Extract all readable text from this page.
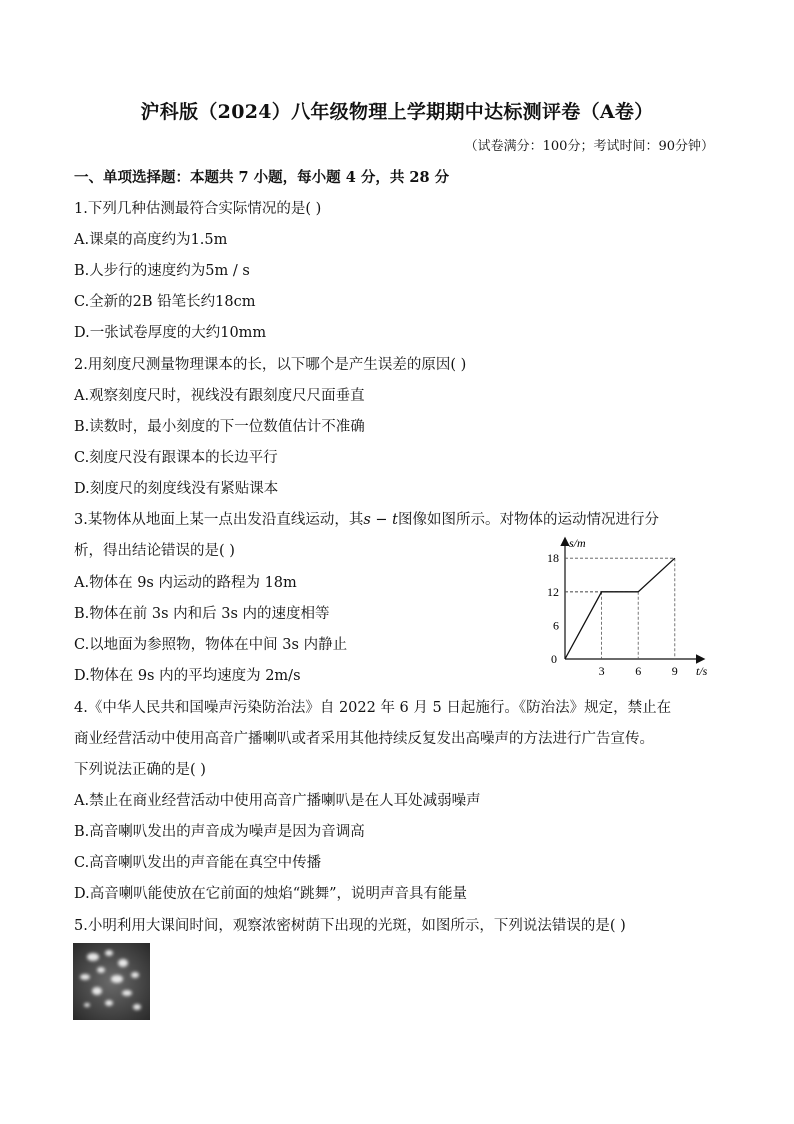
沪科版（2024）八年级物理上学期期中达标测评卷（A卷）
（试卷满分：100分；考试时间：90分钟）
一、单项选择题：本题共 7 小题，每小题 4 分，共 28 分
1.下列几种估测最符合实际情况的是( )
A.课桌的高度约为1.5m
B.人步行的速度约为5m / s
C.全新的2B 铅笔长约18cm
D.一张试卷厚度的大约10mm
2.用刻度尺测量物理课本的长，以下哪个是产生误差的原因( )
A.观察刻度尺时，视线没有跟刻度尺尺面垂直
B.读数时，最小刻度的下一位数值估计不准确
C.刻度尺没有跟课本的长边平行
D.刻度尺的刻度线没有紧贴课本
3.某物体从地面上某一点出发沿直线运动，其s − t图像如图所示。对物体的运动情况进行分
析，得出结论错误的是( )
A.物体在 9s 内运动的路程为 18m
B.物体在前 3s 内和后 3s 内的速度相等
C.以地面为参照物，物体在中间 3s 内静止
D.物体在 9s 内的平均速度为 2m/s
s/m
t/s
0
3	6	9
6
12
18
4.《中华人民共和国噪声污染防治法》自 2022 年 6 月 5 日起施行。《防治法》规定，禁止在
商业经营活动中使用高音广播喇叭或者采用其他持续反复发出高噪声的方法进行广告宣传。
下列说法正确的是( )
A.禁止在商业经营活动中使用高音广播喇叭是在人耳处减弱噪声
B.高音喇叭发出的声音成为噪声是因为音调高
C.高音喇叭发出的声音能在真空中传播
D.高音喇叭能使放在它前面的烛焰“跳舞”，说明声音具有能量
5.小明利用大课间时间，观察浓密树荫下出现的光斑，如图所示，下列说法错误的是( )
